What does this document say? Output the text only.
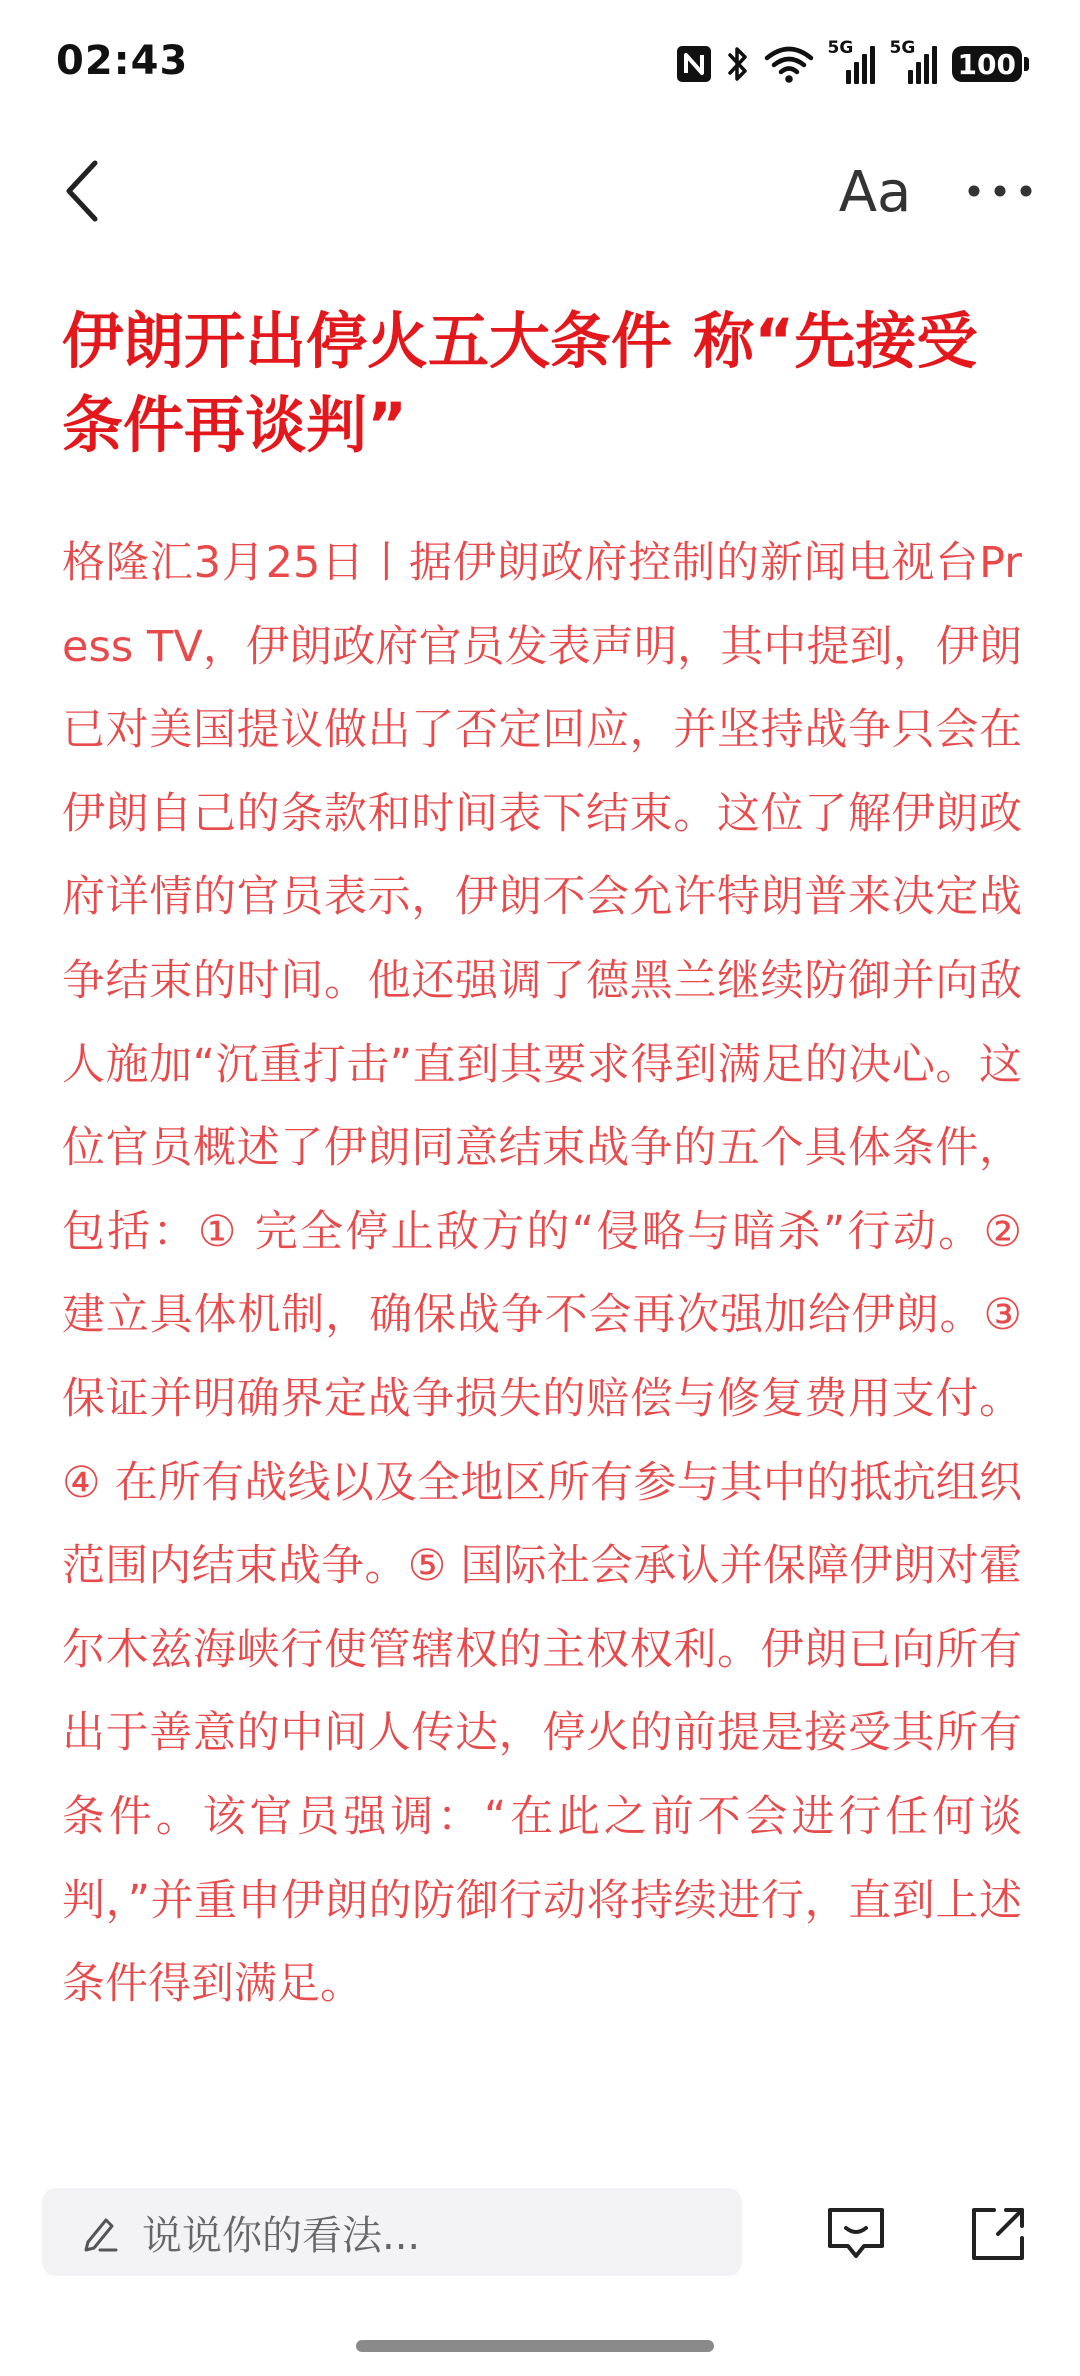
02:43	5G 5G 100
Aa
伊朗开出停火五大条件 称“先接受条件再谈判”

格隆汇3月25日丨据伊朗政府控制的新闻电视台Press TV，伊朗政府官员发表声明，其中提到，伊朗已对美国提议做出了否定回应，并坚持战争只会在伊朗自己的条款和时间表下结束。这位了解伊朗政府详情的官员表示，伊朗不会允许特朗普来决定战争结束的时间。他还强调了德黑兰继续防御并向敌人施加“沉重打击”直到其要求得到满足的决心。这位官员概述了伊朗同意结束战争的五个具体条件，包括：① 完全停止敌方的“侵略与暗杀”行动。② 建立具体机制，确保战争不会再次强加给伊朗。③ 保证并明确界定战争损失的赔偿与修复费用支付。④ 在所有战线以及全地区所有参与其中的抵抗组织范围内结束战争。⑤ 国际社会承认并保障伊朗对霍尔木兹海峡行使管辖权的主权权利。伊朗已向所有出于善意的中间人传达，停火的前提是接受其所有条件。该官员强调：“在此之前不会进行任何谈判，”并重申伊朗的防御行动将持续进行，直到上述条件得到满足。

说说你的看法...
